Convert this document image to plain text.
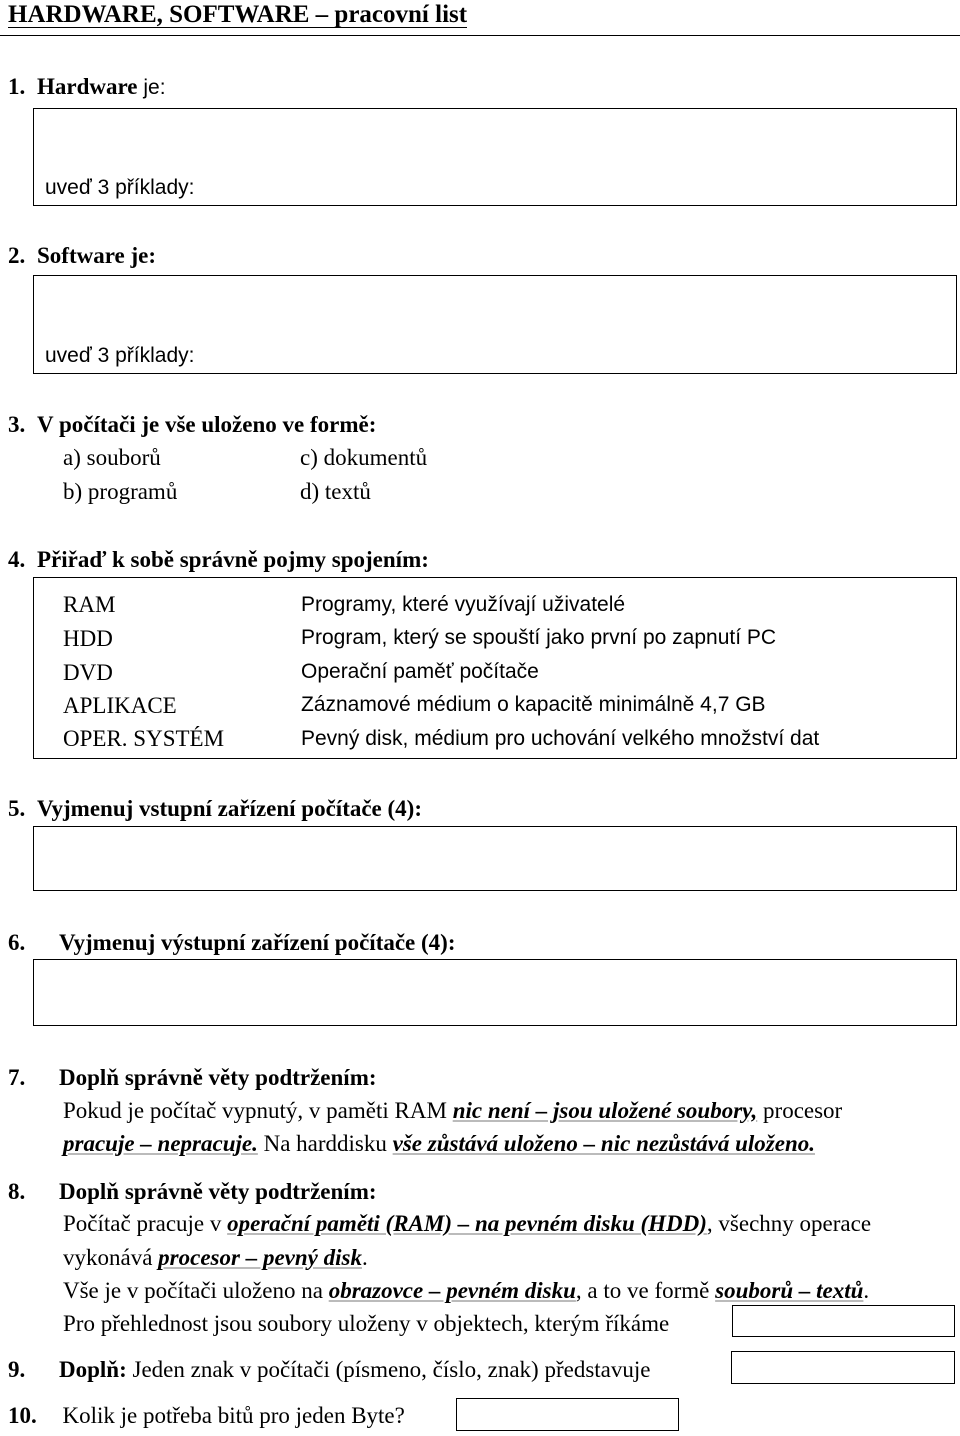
HARDWARE, SOFTWARE – pracovní list
1. Hardware je:
uveď 3 příklady:
2. Software je:
uveď 3 příklady:
3. V počítači je vše uloženo ve formě:
a) souborů	c) dokumentů
b) programů	d) textů
4. Přiřaď k sobě správně pojmy spojením:
RAM
HDD
DVD
APLIKACE
OPER. SYSTÉM
Programy, které využívají uživatelé
Program, který se spouští jako první po zapnutí PC
Operační paměť počítače
Záznamové médium o kapacitě minimálně 4,7 GB
Pevný disk, médium pro uchování velkého množství dat
5. Vyjmenuj vstupní zařízení počítače (4):
6. Vyjmenuj výstupní zařízení počítače (4):
7. Doplň správně věty podtržením:
Pokud je počítač vypnutý, v paměti RAM nic není – jsou uložené soubory, procesor
pracuje – nepracuje. Na harddisku vše zůstává uloženo – nic nezůstává uloženo.
8. Doplň správně věty podtržením:
Počítač pracuje v operační paměti (RAM) – na pevném disku (HDD), všechny operace
vykonává procesor – pevný disk.
Vše je v počítači uloženo na obrazovce – pevném disku, a to ve formě souborů – textů.
Pro přehlednost jsou soubory uloženy v objektech, kterým říkáme
9. Doplň: Jeden znak v počítači (písmeno, číslo, znak) představuje
10. Kolik je potřeba bitů pro jeden Byte?
